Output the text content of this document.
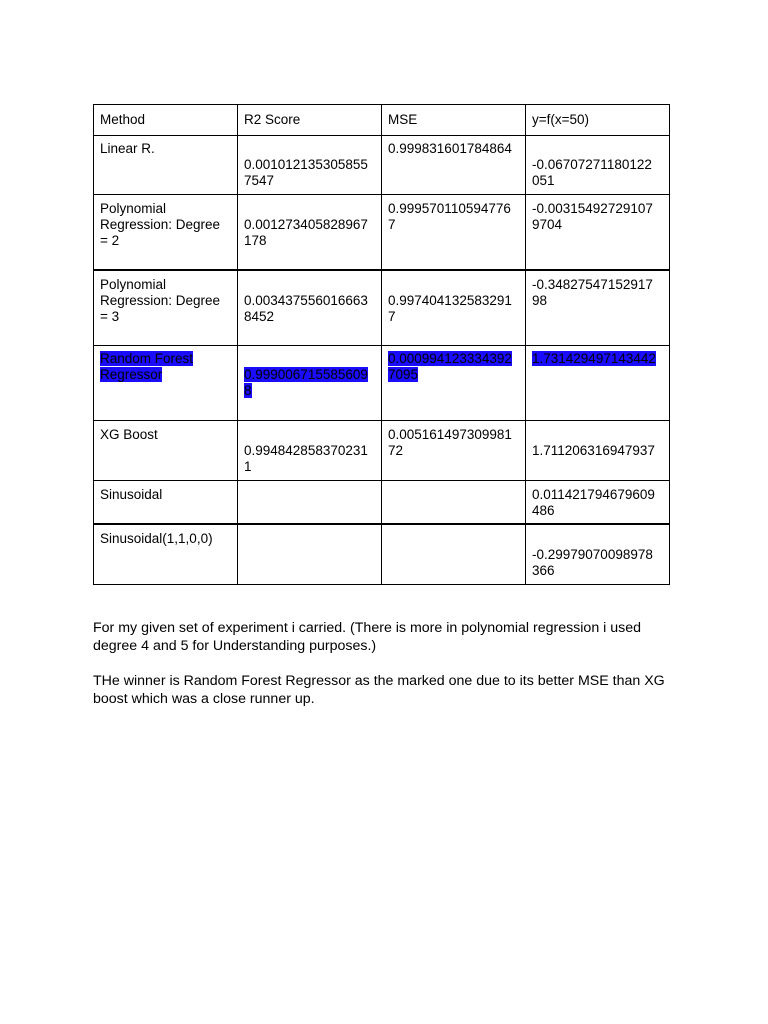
Method	R2 Score	MSE	y=f(x=50)
Linear R.	0.001012135305855 7547	0.999831601784864	-0.06707271180122 051
Polynomial Regression: Degree = 2	0.001273405828967 178	0.999570110594776 7	-0.00315492729107 9704
Polynomial Regression: Degree = 3	0.003437556016663 8452	0.997404132583291 7	-0.34827547152917 98
Random Forest Regressor	0.999006715585609 8	0.000994123334392 7095	1.731429497143442
XG Boost	0.994842858370231 1	0.005161497309981 72	1.711206316947937
Sinusoidal			0.011421794679609 486
Sinusoidal(1,1,0,0)			-0.29979070098978 366

For my given set of experiment i carried. (There is more in polynomial regression i used degree 4 and 5 for Understanding purposes.)

THe winner is Random Forest Regressor as the marked one due to its better MSE than XG boost which was a close runner up.
